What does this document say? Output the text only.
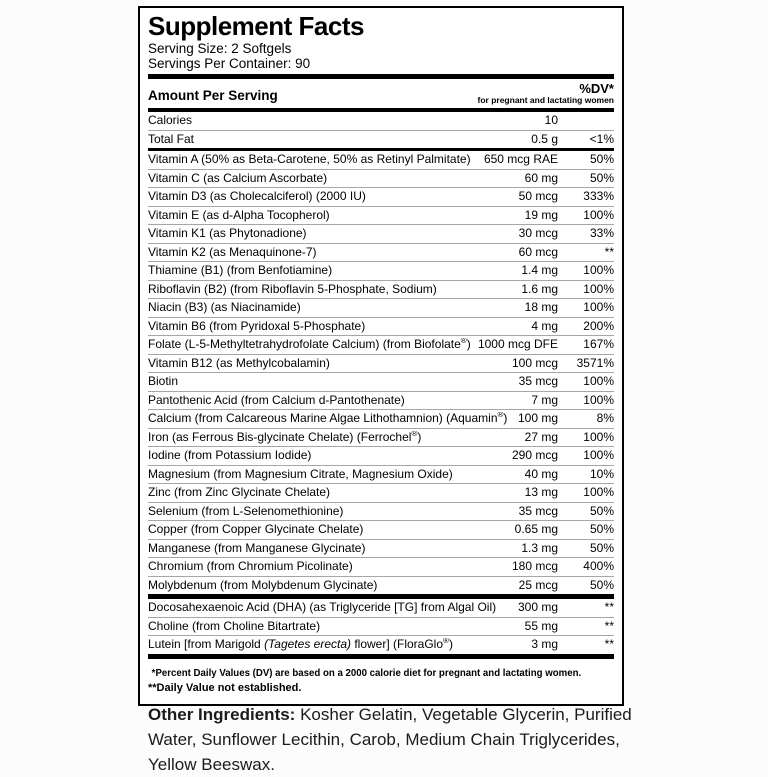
Supplement Facts
Serving Size: 2 Softgels
Servings Per Container: 90
Amount Per Serving	%DV*
for pregnant and lactating women
Calories	10
Total Fat	0.5 g	<1%
Vitamin A (50% as Beta-Carotene, 50% as Retinyl Palmitate)	650 mcg RAE	50%
Vitamin C (as Calcium Ascorbate)	60 mg	50%
Vitamin D3 (as Cholecalciferol) (2000 IU)	50 mcg	333%
Vitamin E (as d-Alpha Tocopherol)	19 mg	100%
Vitamin K1 (as Phytonadione)	30 mcg	33%
Vitamin K2 (as Menaquinone-7)	60 mcg	**
Thiamine (B1) (from Benfotiamine)	1.4 mg	100%
Riboflavin (B2) (from Riboflavin 5-Phosphate, Sodium)	1.6 mg	100%
Niacin (B3) (as Niacinamide)	18 mg	100%
Vitamin B6 (from Pyridoxal 5-Phosphate)	4 mg	200%
Folate (L-5-Methyltetrahydrofolate Calcium) (from Biofolate®) 1000 mcg DFE	167%
Vitamin B12 (as Methylcobalamin)	100 mcg	3571%
Biotin	35 mcg	100%
Pantothenic Acid (from Calcium d-Pantothenate)	7 mg	100%
Calcium (from Calcareous Marine Algae Lithothamnion) (Aquamin®) 100 mg	8%
Iron (as Ferrous Bis-glycinate Chelate) (Ferrochel®)	27 mg	100%
Iodine (from Potassium Iodide)	290 mcg	100%
Magnesium (from Magnesium Citrate, Magnesium Oxide)	40 mg	10%
Zinc (from Zinc Glycinate Chelate)	13 mg	100%
Selenium (from L-Selenomethionine)	35 mcg	50%
Copper (from Copper Glycinate Chelate)	0.65 mg	50%
Manganese (from Manganese Glycinate)	1.3 mg	50%
Chromium (from Chromium Picolinate)	180 mcg	400%
Molybdenum (from Molybdenum Glycinate)	25 mcg	50%
Docosahexaenoic Acid (DHA) (as Triglyceride [TG] from Algal Oil)	300 mg	**
Choline (from Choline Bitartrate)	55 mg	**
Lutein [from Marigold (Tagetes erecta) flower] (FloraGlo®)	3 mg	**
*Percent Daily Values (DV) are based on a 2000 calorie diet for pregnant and lactating women.
**Daily Value not established.

Other Ingredients: Kosher Gelatin, Vegetable Glycerin, Purified Water, Sunflower Lecithin, Carob, Medium Chain Triglycerides, Yellow Beeswax.
